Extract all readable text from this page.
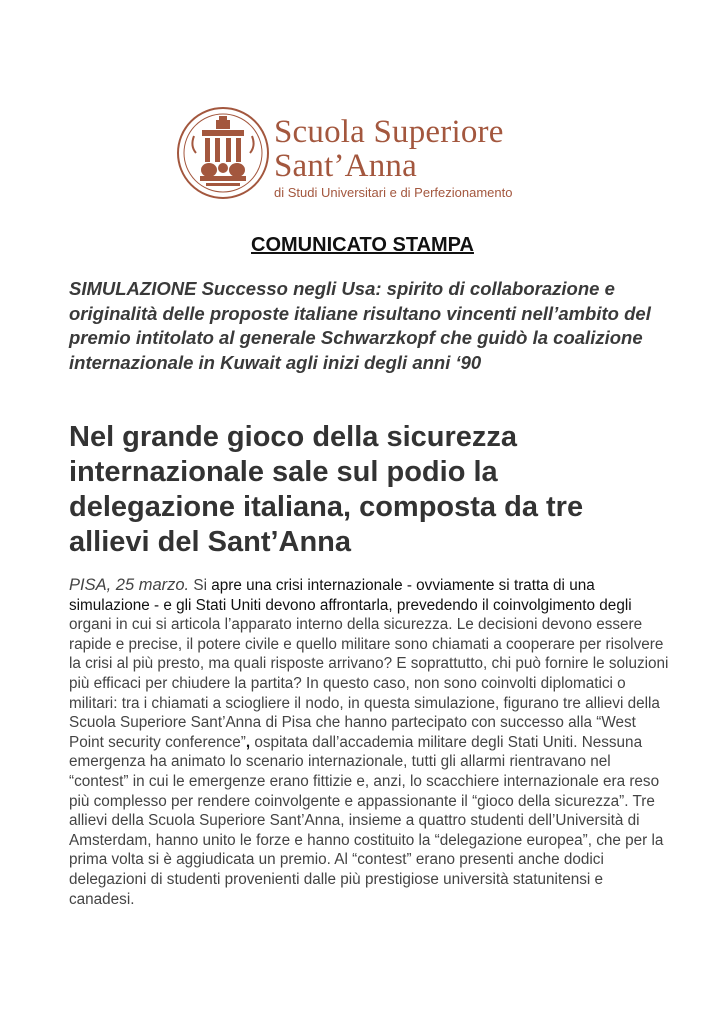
Scuola Superiore
Sant’Anna
di Studi Universitari e di Perfezionamento
COMUNICATO STAMPA
SIMULAZIONE Successo negli Usa: spirito di collaborazione e originalità delle proposte italiane risultano vincenti nell’ambito del premio intitolato al generale Schwarzkopf che guidò la coalizione internazionale in Kuwait agli inizi degli anni ‘90
Nel grande gioco della sicurezza internazionale sale sul podio la delegazione italiana, composta da tre allievi del Sant’Anna
PISA, 25 marzo. Si apre una crisi internazionale - ovviamente si tratta di una simulazione - e gli Stati Uniti devono affrontarla, prevedendo il coinvolgimento degli organi in cui si articola l’apparato interno della sicurezza. Le decisioni devono essere rapide e precise, il potere civile e quello militare sono chiamati a cooperare per risolvere la crisi al più presto, ma quali risposte arrivano? E soprattutto, chi può fornire le soluzioni più efficaci per chiudere la partita? In questo caso, non sono coinvolti diplomatici o militari: tra i chiamati a sciogliere il nodo, in questa simulazione, figurano tre allievi della Scuola Superiore Sant’Anna di Pisa che hanno partecipato con successo alla “West Point security conference”, ospitata dall’accademia militare degli Stati Uniti. Nessuna emergenza ha animato lo scenario internazionale, tutti gli allarmi rientravano nel “contest” in cui le emergenze erano fittizie e, anzi, lo scacchiere internazionale era reso più complesso per rendere coinvolgente e appassionante il “gioco della sicurezza”. Tre allievi della Scuola Superiore Sant’Anna, insieme a quattro studenti dell’Università di Amsterdam, hanno unito le forze e hanno costituito la “delegazione europea”, che per la prima volta si è aggiudicata un premio. Al “contest” erano presenti anche dodici delegazioni di studenti provenienti dalle più prestigiose università statunitensi e canadesi.
